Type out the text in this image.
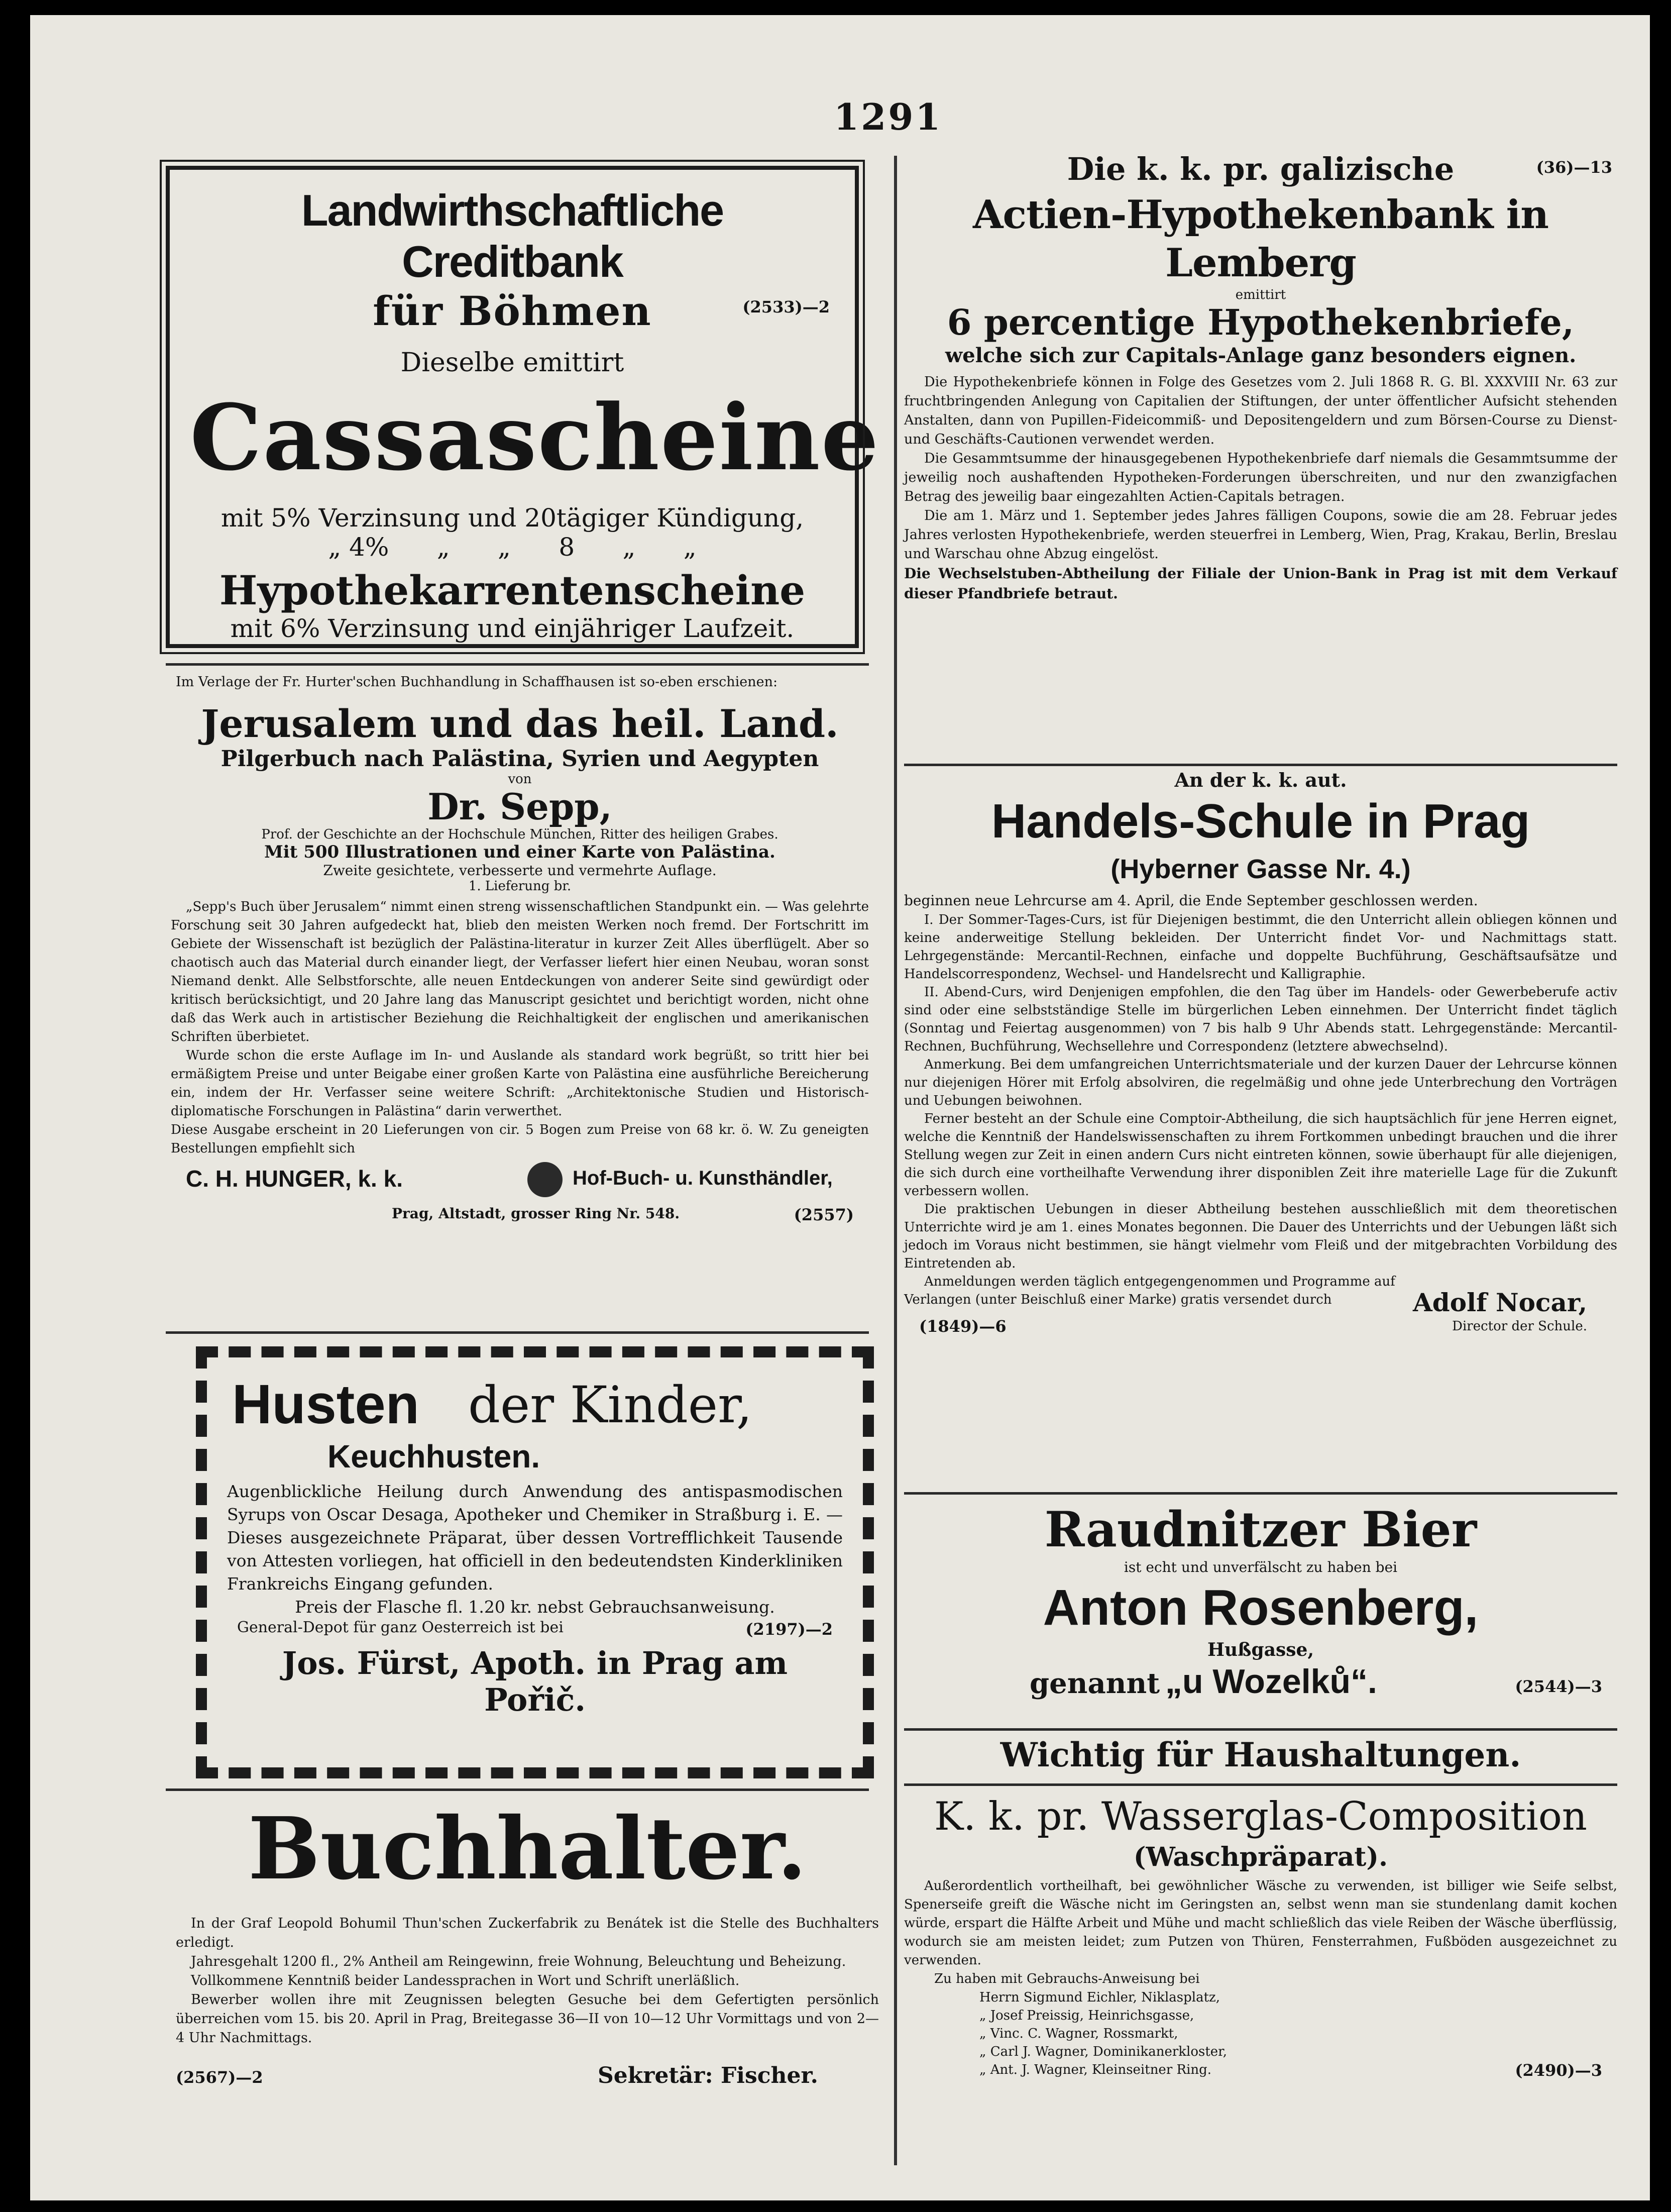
1291
Landwirthschaftliche Creditbank
für Böhmen	(2533)—2
Dieselbe emittirt
Cassascheine
mit 5% Verzinsung und 20tägiger Kündigung,
„ 4%      „      „      8      „      „
Hypothekarrentenscheine
mit 6% Verzinsung und einjähriger Laufzeit.
Im Verlage der Fr. Hurter'schen Buchhandlung in Schaffhausen ist so-eben erschienen:
Jerusalem und das heil. Land.
Pilgerbuch nach Palästina, Syrien und Aegypten
von
Dr. Sepp,
Prof. der Geschichte an der Hochschule München, Ritter des heiligen Grabes.
Mit 500 Illustrationen und einer Karte von Palästina.
Zweite gesichtete, verbesserte und vermehrte Auflage.
1. Lieferung br.
„Sepp's Buch über Jerusalem“ nimmt einen streng wissenschaftlichen Standpunkt ein. — Was gelehrte Forschung seit 30 Jahren aufgedeckt hat, blieb den meisten Werken noch fremd. Der Fortschritt im Gebiete der Wissenschaft ist bezüglich der Palästina-literatur in kurzer Zeit Alles überflügelt. Aber so chaotisch auch das Material durch einander liegt, der Verfasser liefert hier einen Neubau, woran sonst Niemand denkt. Alle Selbstforschte, alle neuen Entdeckungen von anderer Seite sind gewürdigt oder kritisch berücksichtigt, und 20 Jahre lang das Manuscript gesichtet und berichtigt worden, nicht ohne daß das Werk auch in artistischer Beziehung die Reichhaltigkeit der englischen und amerikanischen Schriften überbietet.
Wurde schon die erste Auflage im In- und Auslande als standard work begrüßt, so tritt hier bei ermäßigtem Preise und unter Beigabe einer großen Karte von Palästina eine ausführliche Bereicherung ein, indem der Hr. Verfasser seine weitere Schrift: „Architektonische Studien und Historisch-diplomatische Forschungen in Palästina“ darin verwerthet.
Diese Ausgabe erscheint in 20 Lieferungen von cir. 5 Bogen zum Preise von 68 kr. ö. W. Zu geneigten Bestellungen empfiehlt sich
C. H. HUNGER, k. k.	Hof-Buch- u. Kunsthändler,
Prag, Altstadt, grosser Ring Nr. 548.	(2557)
Husten der Kinder,
Keuchhusten.
Augenblickliche Heilung durch Anwendung des antispasmodischen Syrups von Oscar Desaga, Apotheker und Chemiker in Straßburg i. E. — Dieses ausgezeichnete Präparat, über dessen Vortrefflichkeit Tausende von Attesten vorliegen, hat officiell in den bedeutendsten Kinderkliniken Frankreichs Eingang gefunden.
Preis der Flasche fl. 1.20 kr. nebst Gebrauchsanweisung.
General-Depot für ganz Oesterreich ist bei	(2197)—2
Jos. Fürst, Apoth. in Prag am Pořič.
Buchhalter.
In der Graf Leopold Bohumil Thun'schen Zuckerfabrik zu Benátek ist die Stelle des Buchhalters erledigt.
Jahresgehalt 1200 fl., 2% Antheil am Reingewinn, freie Wohnung, Beleuchtung und Beheizung.
Vollkommene Kenntniß beider Landessprachen in Wort und Schrift unerläßlich.
Bewerber wollen ihre mit Zeugnissen belegten Gesuche bei dem Gefertigten persönlich überreichen vom 15. bis 20. April in Prag, Breitegasse 36—II von 10—12 Uhr Vormittags und von 2—4 Uhr Nachmittags.
(2567)—2	Sekretär: Fischer.
Die k. k. pr. galizische	(36)—13
Actien-Hypothekenbank in Lemberg
emittirt
6 percentige Hypothekenbriefe,
welche sich zur Capitals-Anlage ganz besonders eignen.
Die Hypothekenbriefe können in Folge des Gesetzes vom 2. Juli 1868 R. G. Bl. XXXVIII Nr. 63 zur fruchtbringenden Anlegung von Capitalien der Stiftungen, der unter öffentlicher Aufsicht stehenden Anstalten, dann von Pupillen-Fideicommiß- und Depositengeldern und zum Börsen-Course zu Dienst- und Geschäfts-Cautionen verwendet werden.
Die Gesammtsumme der hinausgegebenen Hypothekenbriefe darf niemals die Gesammtsumme der jeweilig noch aushaftenden Hypotheken-Forderungen überschreiten, und nur den zwanzigfachen Betrag des jeweilig baar eingezahlten Actien-Capitals betragen.
Die am 1. März und 1. September jedes Jahres fälligen Coupons, sowie die am 28. Februar jedes Jahres verlosten Hypothekenbriefe, werden steuerfrei in Lemberg, Wien, Prag, Krakau, Berlin, Breslau und Warschau ohne Abzug eingelöst.
Die Wechselstuben-Abtheilung der Filiale der Union-Bank in Prag ist mit dem Verkauf dieser Pfandbriefe betraut.
An der k. k. aut.
Handels-Schule in Prag
(Hyberner Gasse Nr. 4.)
beginnen neue Lehrcurse am 4. April, die Ende September geschlossen werden.
I. Der Sommer-Tages-Curs, ist für Diejenigen bestimmt, die den Unterricht allein obliegen können und keine anderweitige Stellung bekleiden. Der Unterricht findet Vor- und Nachmittags statt. Lehrgegenstände: Mercantil-Rechnen, einfache und doppelte Buchführung, Geschäftsaufsätze und Handelscorrespondenz, Wechsel- und Handelsrecht und Kalligraphie.
II. Abend-Curs, wird Denjenigen empfohlen, die den Tag über im Handels- oder Gewerbeberufe activ sind oder eine selbstständige Stelle im bürgerlichen Leben einnehmen. Der Unterricht findet täglich (Sonntag und Feiertag ausgenommen) von 7 bis halb 9 Uhr Abends statt. Lehrgegenstände: Mercantil-Rechnen, Buchführung, Wechsellehre und Correspondenz (letztere abwechselnd).
Anmerkung. Bei dem umfangreichen Unterrichtsmateriale und der kurzen Dauer der Lehrcurse können nur diejenigen Hörer mit Erfolg absolviren, die regelmäßig und ohne jede Unterbrechung den Vorträgen und Uebungen beiwohnen.
Ferner besteht an der Schule eine Comptoir-Abtheilung, die sich hauptsächlich für jene Herren eignet, welche die Kenntniß der Handelswissenschaften zu ihrem Fortkommen unbedingt brauchen und die ihrer Stellung wegen zur Zeit in einen andern Curs nicht eintreten können, sowie überhaupt für alle diejenigen, die sich durch eine vortheilhafte Verwendung ihrer disponiblen Zeit ihre materielle Lage für die Zukunft verbessern wollen.
Die praktischen Uebungen in dieser Abtheilung bestehen ausschließlich mit dem theoretischen Unterrichte wird je am 1. eines Monates begonnen. Die Dauer des Unterrichts und der Uebungen läßt sich jedoch im Voraus nicht bestimmen, sie hängt vielmehr vom Fleiß und der mitgebrachten Vorbildung des Eintretenden ab.
Anmeldungen werden täglich entgegengenommen und Programme auf Verlangen (unter Beischluß einer Marke) gratis versendet durch	Adolf Nocar,
(1849)—6	Director der Schule.
Raudnitzer Bier
ist echt und unverfälscht zu haben bei
Anton Rosenberg,
Hußgasse,
genannt „u Wozelků“.	(2544)—3
Wichtig für Haushaltungen.
K. k. pr. Wasserglas-Composition
(Waschpräparat).
Außerordentlich vortheilhaft, bei gewöhnlicher Wäsche zu verwenden, ist billiger wie Seife selbst, Spenerseife greift die Wäsche nicht im Geringsten an, selbst wenn man sie stundenlang damit kochen würde, erspart die Hälfte Arbeit und Mühe und macht schließlich das viele Reiben der Wäsche überflüssig, wodurch sie am meisten leidet; zum Putzen von Thüren, Fensterrahmen, Fußböden ausgezeichnet zu verwenden.
Zu haben mit Gebrauchs-Anweisung bei
Herrn Sigmund Eichler, Niklasplatz,
„ Josef Preissig, Heinrichsgasse,
„ Vinc. C. Wagner, Rossmarkt,
„ Carl J. Wagner, Dominikanerkloster,
„ Ant. J. Wagner, Kleinseitner Ring.	(2490)—3
